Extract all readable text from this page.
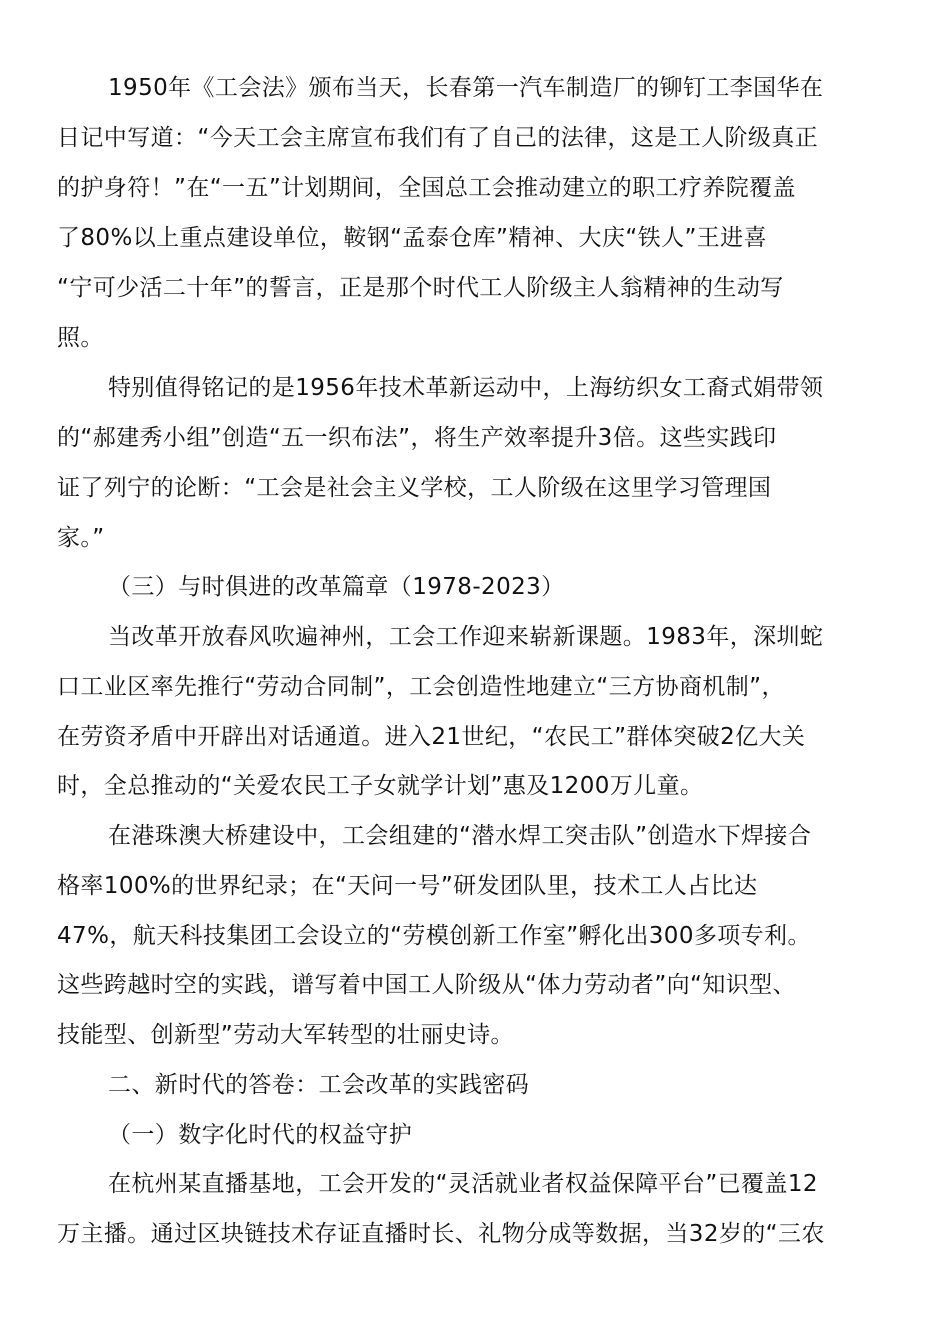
1950年《工会法》颁布当天，长春第一汽车制造厂的铆钉工李国华在
日记中写道：“今天工会主席宣布我们有了自己的法律，这是工人阶级真正
的护身符！”在“一五”计划期间，全国总工会推动建立的职工疗养院覆盖
了80%以上重点建设单位，鞍钢“孟泰仓库”精神、大庆“铁人”王进喜
“宁可少活二十年”的誓言，正是那个时代工人阶级主人翁精神的生动写
照。
特别值得铭记的是1956年技术革新运动中，上海纺织女工裔式娟带领
的“郝建秀小组”创造“五一织布法”，将生产效率提升3倍。这些实践印
证了列宁的论断：“工会是社会主义学校，工人阶级在这里学习管理国
家。”
（三）与时俱进的改革篇章（1978-2023）
当改革开放春风吹遍神州，工会工作迎来崭新课题。1983年，深圳蛇
口工业区率先推行“劳动合同制”，工会创造性地建立“三方协商机制”，
在劳资矛盾中开辟出对话通道。进入21世纪，“农民工”群体突破2亿大关
时，全总推动的“关爱农民工子女就学计划”惠及1200万儿童。
在港珠澳大桥建设中，工会组建的“潜水焊工突击队”创造水下焊接合
格率100%的世界纪录；在“天问一号”研发团队里，技术工人占比达
47%，航天科技集团工会设立的“劳模创新工作室”孵化出300多项专利。
这些跨越时空的实践，谱写着中国工人阶级从“体力劳动者”向“知识型、
技能型、创新型”劳动大军转型的壮丽史诗。
二、新时代的答卷：工会改革的实践密码
（一）数字化时代的权益守护
在杭州某直播基地，工会开发的“灵活就业者权益保障平台”已覆盖12
万主播。通过区块链技术存证直播时长、礼物分成等数据，当32岁的“三农
